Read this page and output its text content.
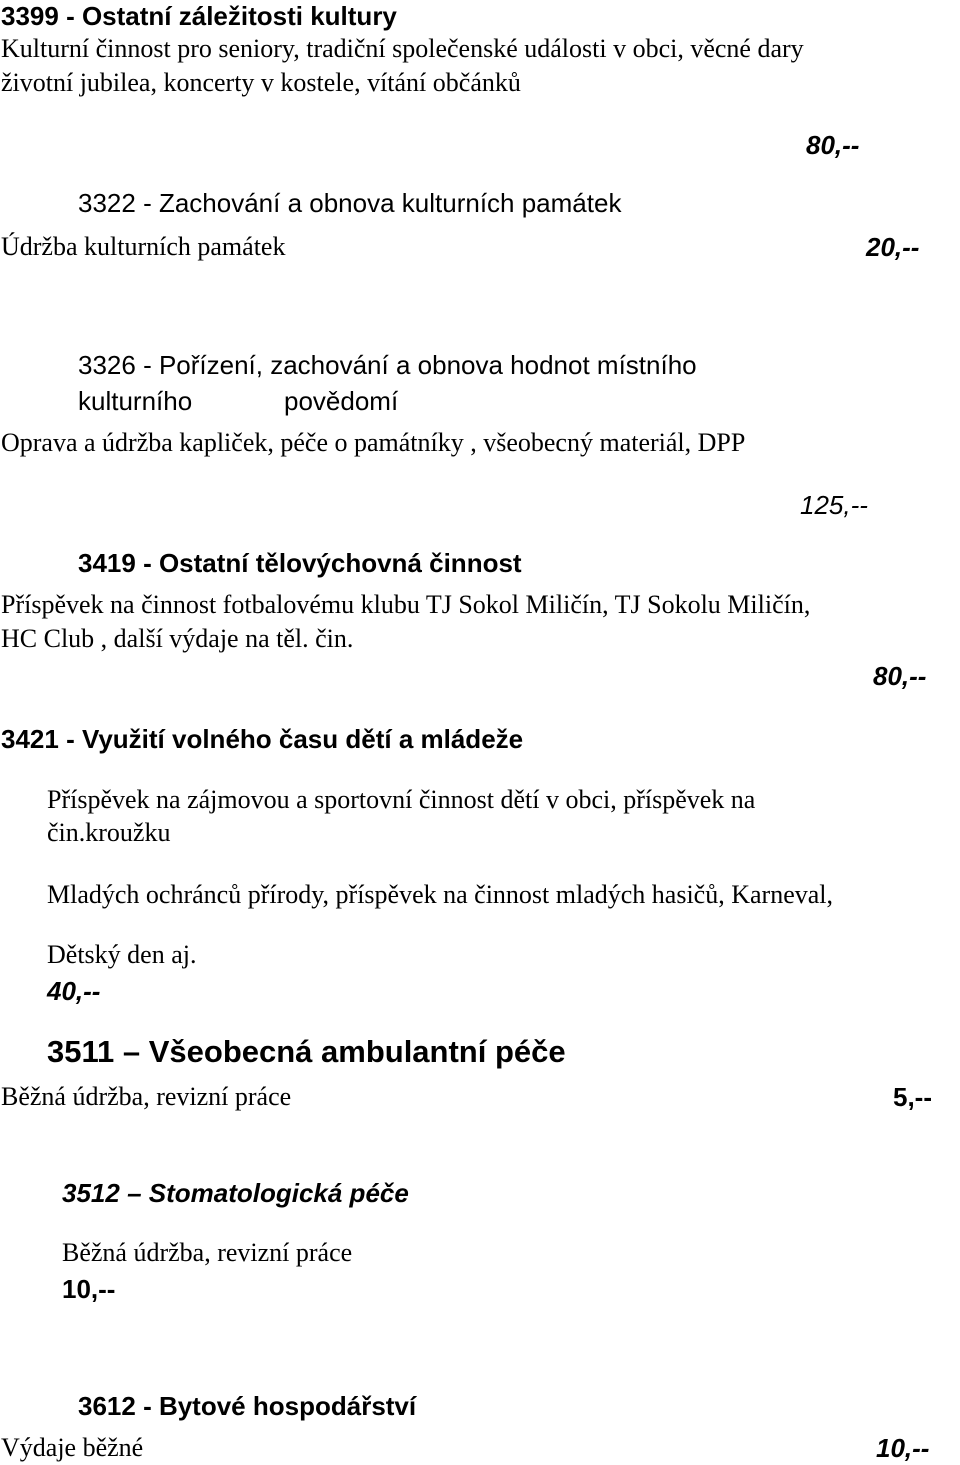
3399 - Ostatní záležitosti kultury
Kulturní činnost pro seniory, tradiční společenské události v obci, věcné dary
životní jubilea, koncerty v kostele, vítání občánků
80,--
3322 - Zachování a obnova kulturních památek
Údržba kulturních památek	20,--
3326 - Pořízení, zachování a obnova hodnot místního
kulturního	povědomí
Oprava a údržba kapliček, péče o památníky , všeobecný materiál, DPP
125,--
3419 - Ostatní tělovýchovná činnost
Příspěvek na činnost fotbalovému klubu TJ Sokol Miličín, TJ Sokolu Miličín,
HC Club , další výdaje na těl. čin.
80,--
3421 - Využití volného času dětí a mládeže
Příspěvek na zájmovou a sportovní činnost dětí v obci, příspěvek na
čin.kroužku
Mladých ochránců přírody, příspěvek na činnost mladých hasičů, Karneval,
Dětský den aj.
40,--
3511 – Všeobecná ambulantní péče
Běžná údržba, revizní práce	5,--
3512 – Stomatologická péče
Běžná údržba, revizní práce
10,--
3612 - Bytové hospodářství
Výdaje běžné	10,--
